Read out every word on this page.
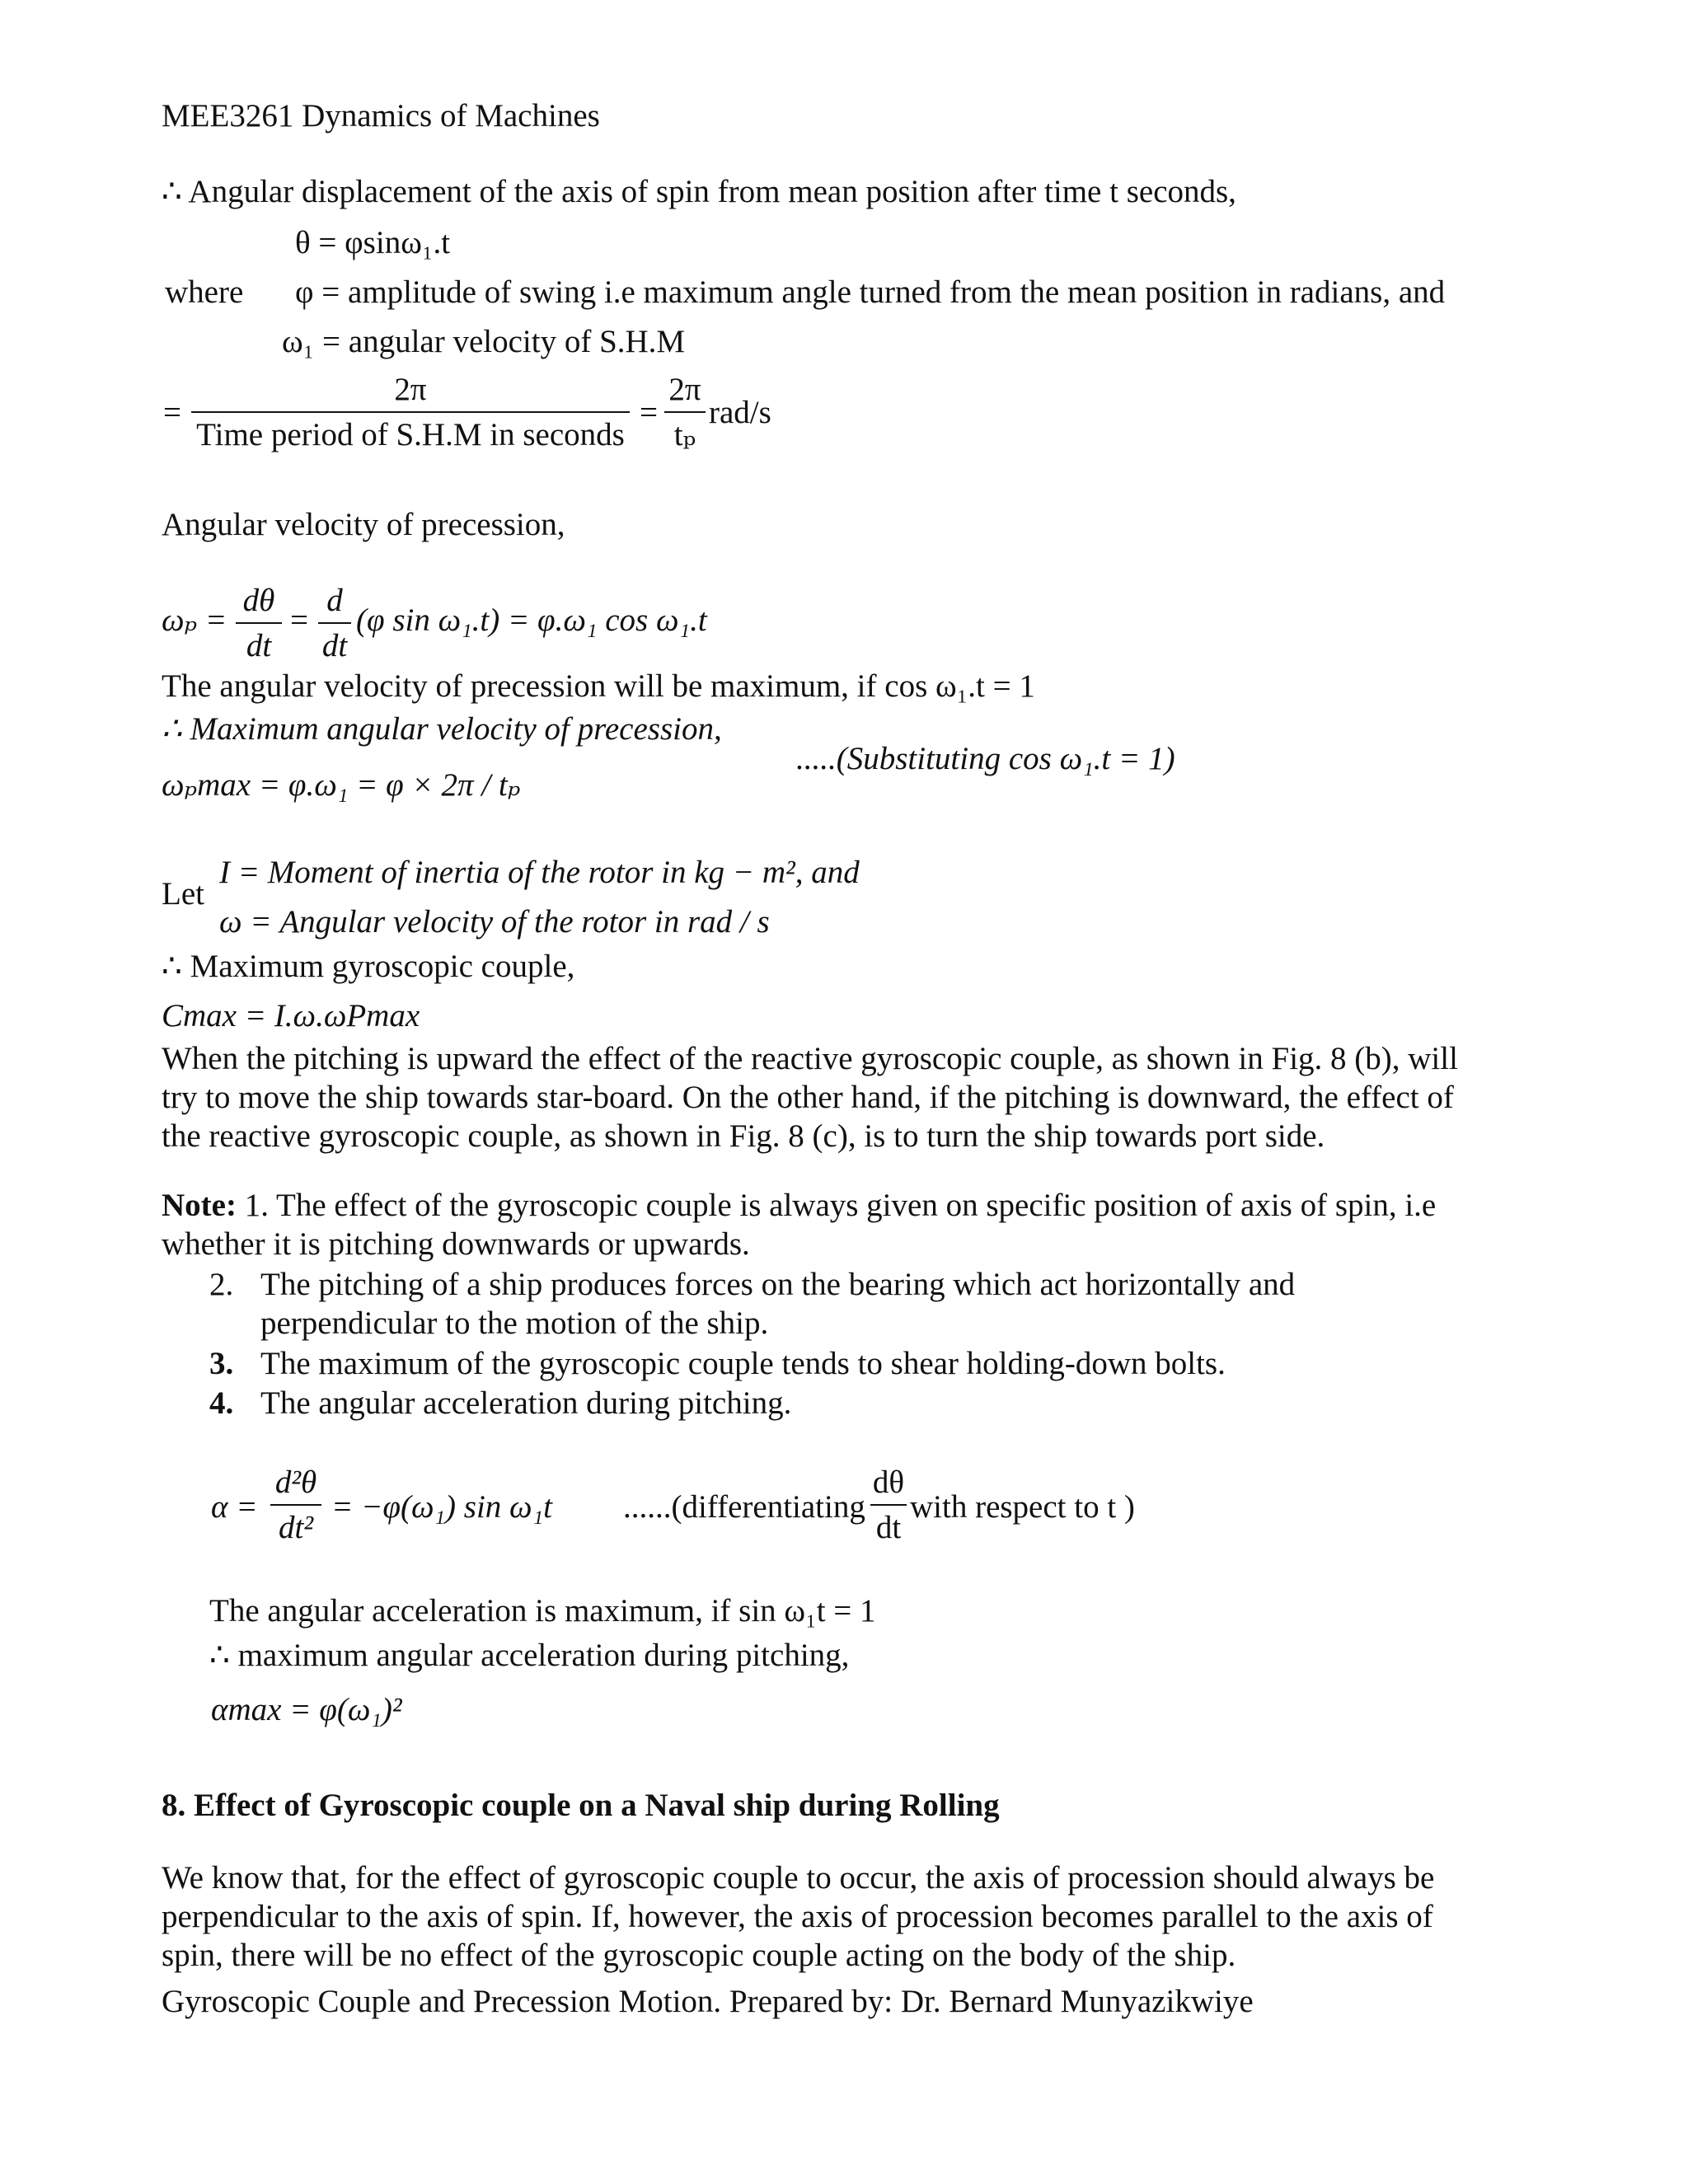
MEE3261 Dynamics of Machines
∴ Angular displacement of the axis of spin from mean position after time t seconds,
θ = φsinω₁.t
where φ = amplitude of swing i.e maximum angle turned from the mean position in radians, and
ω₁ = angular velocity of S.H.M
=
2π
Time period of S.H.M in seconds
=
2π
tₚ
rad/s
Angular velocity of precession,
ωₚ =
dθ
dt
=
d
dt
(φ sin ω₁.t) = φ.ω₁ cos ω₁.t
The angular velocity of precession will be maximum, if cos ω₁.t = 1
∴ Maximum angular velocity of precession,
.....(Substituting cos ω₁.t = 1)
ωₚmax = φ.ω₁ = φ × 2π / tₚ
Let
I = Moment of inertia of the rotor in kg − m², and
ω = Angular velocity of the rotor in rad / s
∴ Maximum gyroscopic couple,
Cmax = I.ω.ωPmax
When the pitching is upward the effect of the reactive gyroscopic couple, as shown in Fig. 8 (b), will try to move the ship towards star-board. On the other hand, if the pitching is downward, the effect of the reactive gyroscopic couple, as shown in Fig. 8 (c), is to turn the ship towards port side.
Note: 1. The effect of the gyroscopic couple is always given on specific position of axis of spin, i.e whether it is pitching downwards or upwards.
2. The pitching of a ship produces forces on the bearing which act horizontally and perpendicular to the motion of the ship.
3. The maximum of the gyroscopic couple tends to shear holding-down bolts.
4. The angular acceleration during pitching.
α =
d²θ
dt²
= −φ(ω₁) sin ω₁t ......(differentiating
dθ
dt
with respect to t )
The angular acceleration is maximum, if sin ω₁t = 1
∴ maximum angular acceleration during pitching,
αmax = φ(ω₁)²
8. Effect of Gyroscopic couple on a Naval ship during Rolling
We know that, for the effect of gyroscopic couple to occur, the axis of procession should always be perpendicular to the axis of spin. If, however, the axis of procession becomes parallel to the axis of spin, there will be no effect of the gyroscopic couple acting on the body of the ship.
Gyroscopic Couple and Precession Motion. Prepared by: Dr. Bernard Munyazikwiye
